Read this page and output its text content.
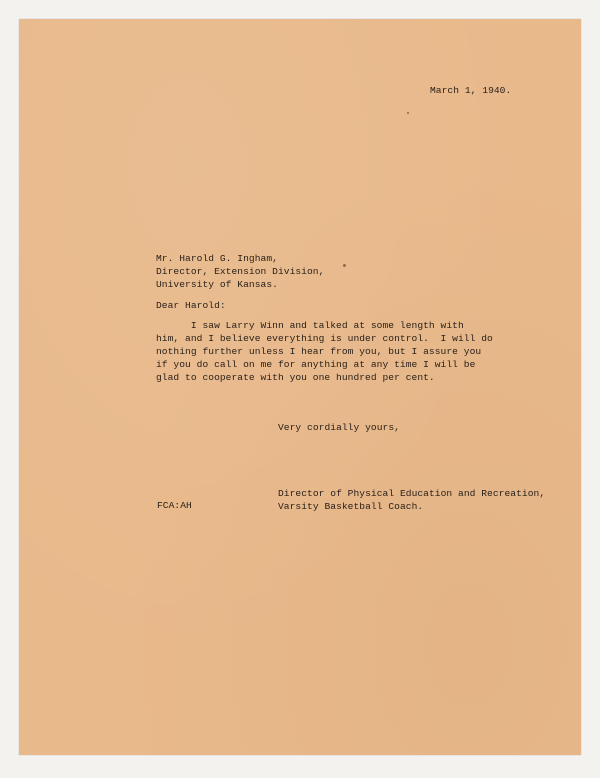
March 1, 1940.
Mr. Harold G. Ingham,
Director, Extension Division,
University of Kansas.
Dear Harold:
I saw Larry Winn and talked at some length with
him, and I believe everything is under control.  I will do
nothing further unless I hear from you, but I assure you
if you do call on me for anything at any time I will be
glad to cooperate with you one hundred per cent.
Very cordially yours,
Director of Physical Education and Recreation,
Varsity Basketball Coach.
FCA:AH
